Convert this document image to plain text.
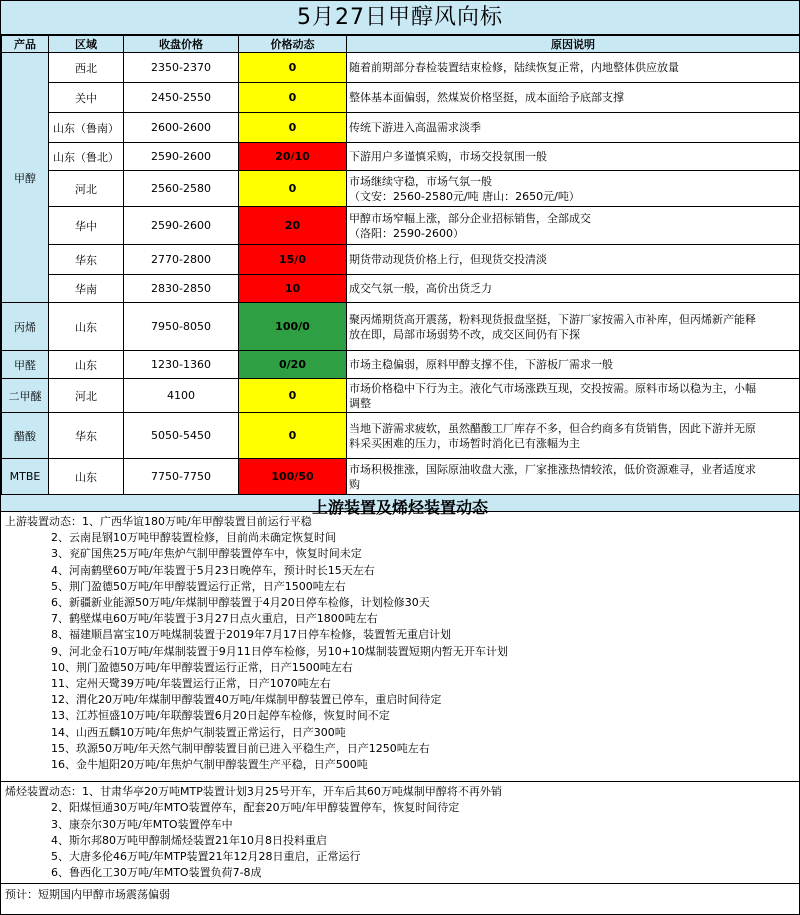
5月27日甲醇风向标
产品	区域	收盘价格	价格动态	原因说明
甲醇	西北	2350-2370	0	随着前期部分春检装置结束检修，陆续恢复正常，内地整体供应放量

	关中	2450-2550	0	整体基本面偏弱，然煤炭价格坚挺，成本面给予底部支撑

	山东（鲁南）	2600-2600	0	传统下游进入高温需求淡季

	山东（鲁北）	2590-2600	20/10	下游用户多谨慎采购，市场交投氛围一般

	河北	2560-2580	0	市场继续守稳，市场气氛一般
（文安：2560-2580元/吨 唐山：2650元/吨）

	华中	2590-2600	20	甲醇市场窄幅上涨，部分企业招标销售，全部成交
（洛阳：2590-2600）

	华东	2770-2800	15/0	期货带动现货价格上行，但现货交投清淡

	华南	2830-2850	10	成交气氛一般，高价出货乏力

丙烯	山东	7950-8050	100/0	聚丙烯期货高开震荡，粉料现货报盘坚挺，下游厂家按需入市补库，但丙烯新产能释
放在即，局部市场弱势不改，成交区间仍有下探

甲醛	山东	1230-1360	0/20	市场主稳偏弱，原料甲醇支撑不佳，下游板厂需求一般

二甲醚	河北	4100	0	市场价格稳中下行为主。液化气市场涨跌互现，交投按需。原料市场以稳为主，小幅
调整

醋酸	华东	5050-5450	0	当地下游需求疲软，虽然醋酸工厂库存不多，但合约商多有货销售，因此下游并无原
料采买困难的压力，市场暂时消化已有涨幅为主

MTBE	山东	7750-7750	100/50	市场积极推涨，国际原油收盘大涨，厂家推涨热情较浓，低价资源难寻，业者适度求
购
上游装置及烯烃装置动态
上游装置动态：1、广西华谊180万吨/年甲醇装置目前运行平稳
2、云南昆钢10万吨甲醇装置检修，目前尚未确定恢复时间
3、兖矿国焦25万吨/年焦炉气制甲醇装置停车中，恢复时间未定
4、河南鹤壁60万吨/年装置于5月23日晚停车，预计时长15天左右
5、荆门盈德50万吨/年甲醇装置运行正常，日产1500吨左右
6、新疆新业能源50万吨/年煤制甲醇装置于4月20日停车检修，计划检修30天
7、鹤壁煤电60万吨/年装置于3月27日点火重启，日产1800吨左右
8、福建顺昌富宝10万吨煤制装置于2019年7月17日停车检修，装置暂无重启计划
9、河北金石10万吨/年煤制装置于9月11日停车检修，另10+10煤制装置短期内暂无开车计划
10、荆门盈德50万吨/年甲醇装置运行正常，日产1500吨左右
11、定州天鹭39万吨/年装置运行正常，日产1070吨左右
12、渭化20万吨/年煤制甲醇装置40万吨/年煤制甲醇装置已停车，重启时间待定
13、江苏恒盛10万吨/年联醇装置6月20日起停车检修，恢复时间不定
14、山西五麟10万吨/年焦炉气制装置正常运行，日产300吨
15、玖源50万吨/年天然气制甲醇装置目前已进入平稳生产，日产1250吨左右
16、金牛旭阳20万吨/年焦炉气制甲醇装置生产平稳，日产500吨
烯烃装置动态：1、甘肃华亭20万吨MTP装置计划3月25号开车，开车后其60万吨煤制甲醇将不再外销
2、阳煤恒通30万吨/年MTO装置停车，配套20万吨/年甲醇装置停车，恢复时间待定
3、康奈尔30万吨/年MTO装置停车中
4、斯尔邦80万吨甲醇制烯烃装置21年10月8日投料重启
5、大唐多伦46万吨/年MTP装置21年12月28日重启，正常运行
6、鲁西化工30万吨/年MTO装置负荷7-8成
预计：短期国内甲醇市场震荡偏弱
